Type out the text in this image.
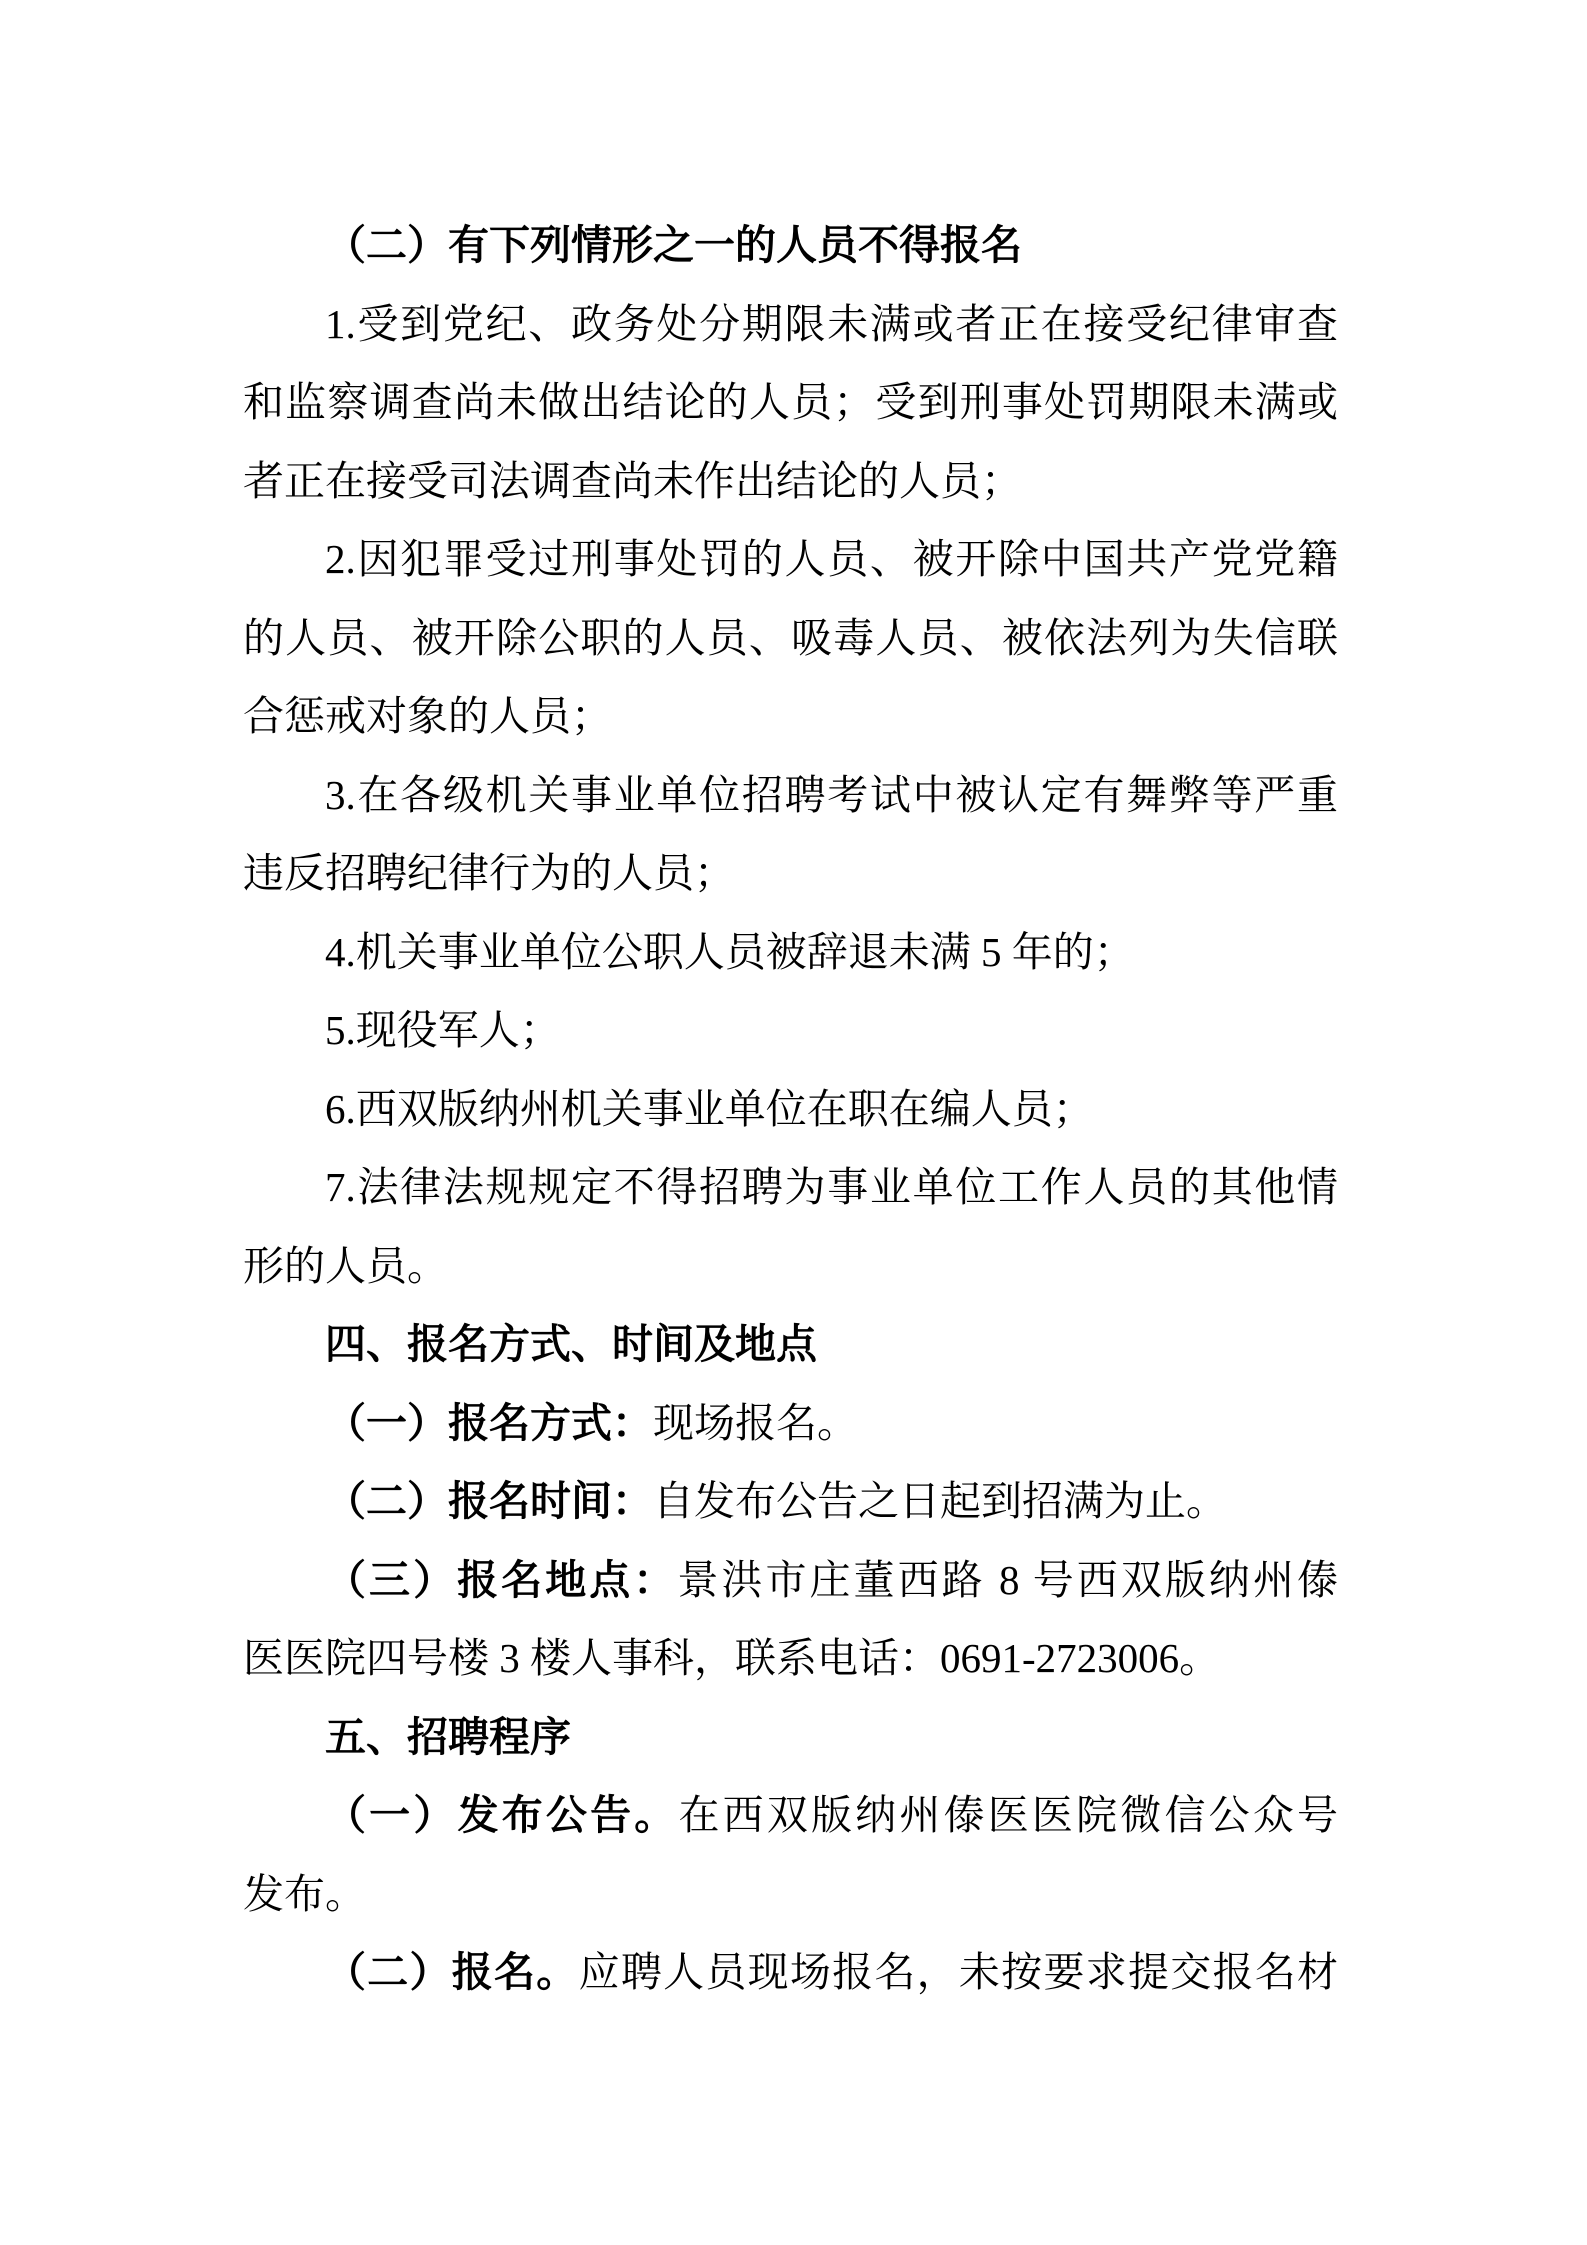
（二）有下列情形之一的人员不得报名
1.受到党纪、政务处分期限未满或者正在接受纪律审查
和监察调查尚未做出结论的人员；受到刑事处罚期限未满或
者正在接受司法调查尚未作出结论的人员；
2.因犯罪受过刑事处罚的人员、被开除中国共产党党籍
的人员、被开除公职的人员、吸毒人员、被依法列为失信联
合惩戒对象的人员；
3.在各级机关事业单位招聘考试中被认定有舞弊等严重
违反招聘纪律行为的人员；
4.机关事业单位公职人员被辞退未满 5 年的；
5.现役军人；
6.西双版纳州机关事业单位在职在编人员；
7.法律法规规定不得招聘为事业单位工作人员的其他情
形的人员。
四、报名方式、时间及地点
（一）报名方式：现场报名。
（二）报名时间：自发布公告之日起到招满为止。
（三）报名地点：景洪市庄董西路 8 号西双版纳州傣
医医院四号楼 3 楼人事科，联系电话：0691-2723006。
五、招聘程序
（一）发布公告。在西双版纳州傣医医院微信公众号
发布。
（二）报名。应聘人员现场报名，未按要求提交报名材
